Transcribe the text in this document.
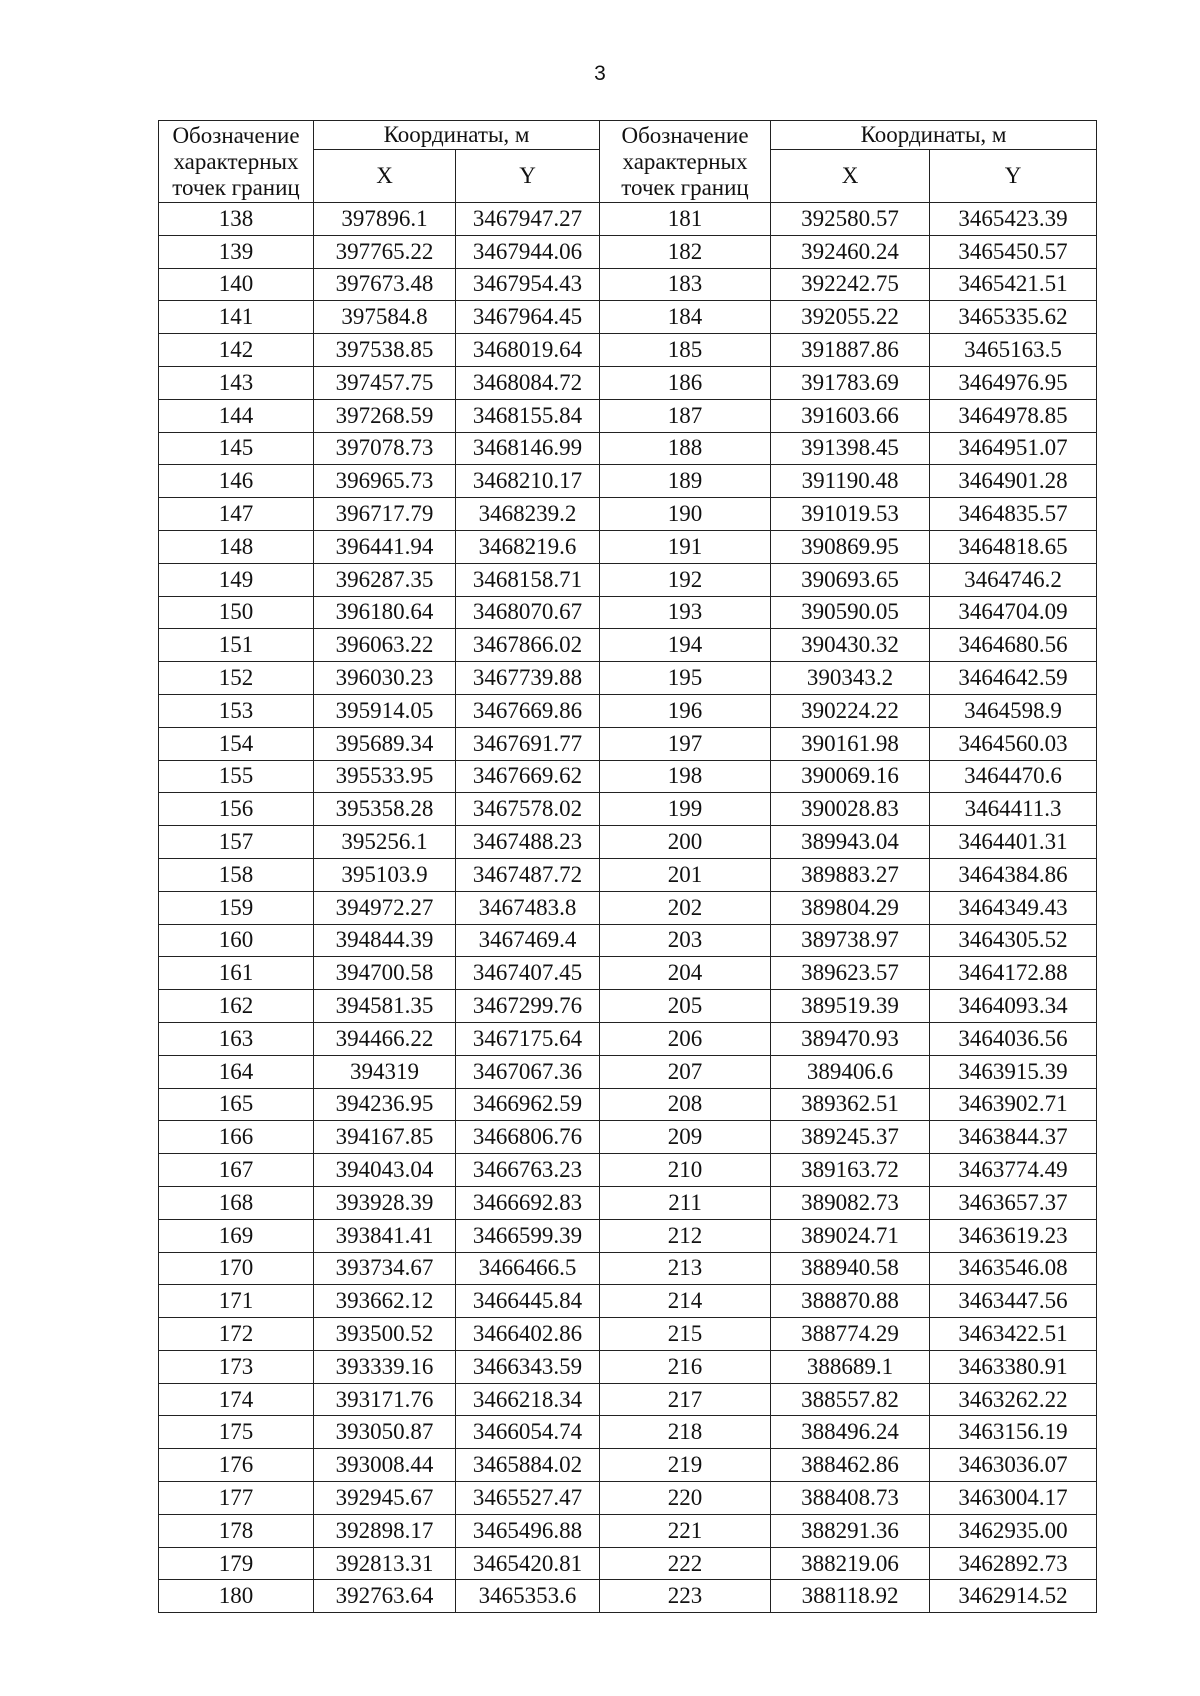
3
Обозначение характерных точек границ	Координаты, м		Обозначение характерных точек границ	Координаты, м	
	X	Y		X	Y
138	397896.1	3467947.27	181	392580.57	3465423.39
139	397765.22	3467944.06	182	392460.24	3465450.57
140	397673.48	3467954.43	183	392242.75	3465421.51
141	397584.8	3467964.45	184	392055.22	3465335.62
142	397538.85	3468019.64	185	391887.86	3465163.5
143	397457.75	3468084.72	186	391783.69	3464976.95
144	397268.59	3468155.84	187	391603.66	3464978.85
145	397078.73	3468146.99	188	391398.45	3464951.07
146	396965.73	3468210.17	189	391190.48	3464901.28
147	396717.79	3468239.2	190	391019.53	3464835.57
148	396441.94	3468219.6	191	390869.95	3464818.65
149	396287.35	3468158.71	192	390693.65	3464746.2
150	396180.64	3468070.67	193	390590.05	3464704.09
151	396063.22	3467866.02	194	390430.32	3464680.56
152	396030.23	3467739.88	195	390343.2	3464642.59
153	395914.05	3467669.86	196	390224.22	3464598.9
154	395689.34	3467691.77	197	390161.98	3464560.03
155	395533.95	3467669.62	198	390069.16	3464470.6
156	395358.28	3467578.02	199	390028.83	3464411.3
157	395256.1	3467488.23	200	389943.04	3464401.31
158	395103.9	3467487.72	201	389883.27	3464384.86
159	394972.27	3467483.8	202	389804.29	3464349.43
160	394844.39	3467469.4	203	389738.97	3464305.52
161	394700.58	3467407.45	204	389623.57	3464172.88
162	394581.35	3467299.76	205	389519.39	3464093.34
163	394466.22	3467175.64	206	389470.93	3464036.56
164	394319	3467067.36	207	389406.6	3463915.39
165	394236.95	3466962.59	208	389362.51	3463902.71
166	394167.85	3466806.76	209	389245.37	3463844.37
167	394043.04	3466763.23	210	389163.72	3463774.49
168	393928.39	3466692.83	211	389082.73	3463657.37
169	393841.41	3466599.39	212	389024.71	3463619.23
170	393734.67	3466466.5	213	388940.58	3463546.08
171	393662.12	3466445.84	214	388870.88	3463447.56
172	393500.52	3466402.86	215	388774.29	3463422.51
173	393339.16	3466343.59	216	388689.1	3463380.91
174	393171.76	3466218.34	217	388557.82	3463262.22
175	393050.87	3466054.74	218	388496.24	3463156.19
176	393008.44	3465884.02	219	388462.86	3463036.07
177	392945.67	3465527.47	220	388408.73	3463004.17
178	392898.17	3465496.88	221	388291.36	3462935.00
179	392813.31	3465420.81	222	388219.06	3462892.73
180	392763.64	3465353.6	223	388118.92	3462914.52
